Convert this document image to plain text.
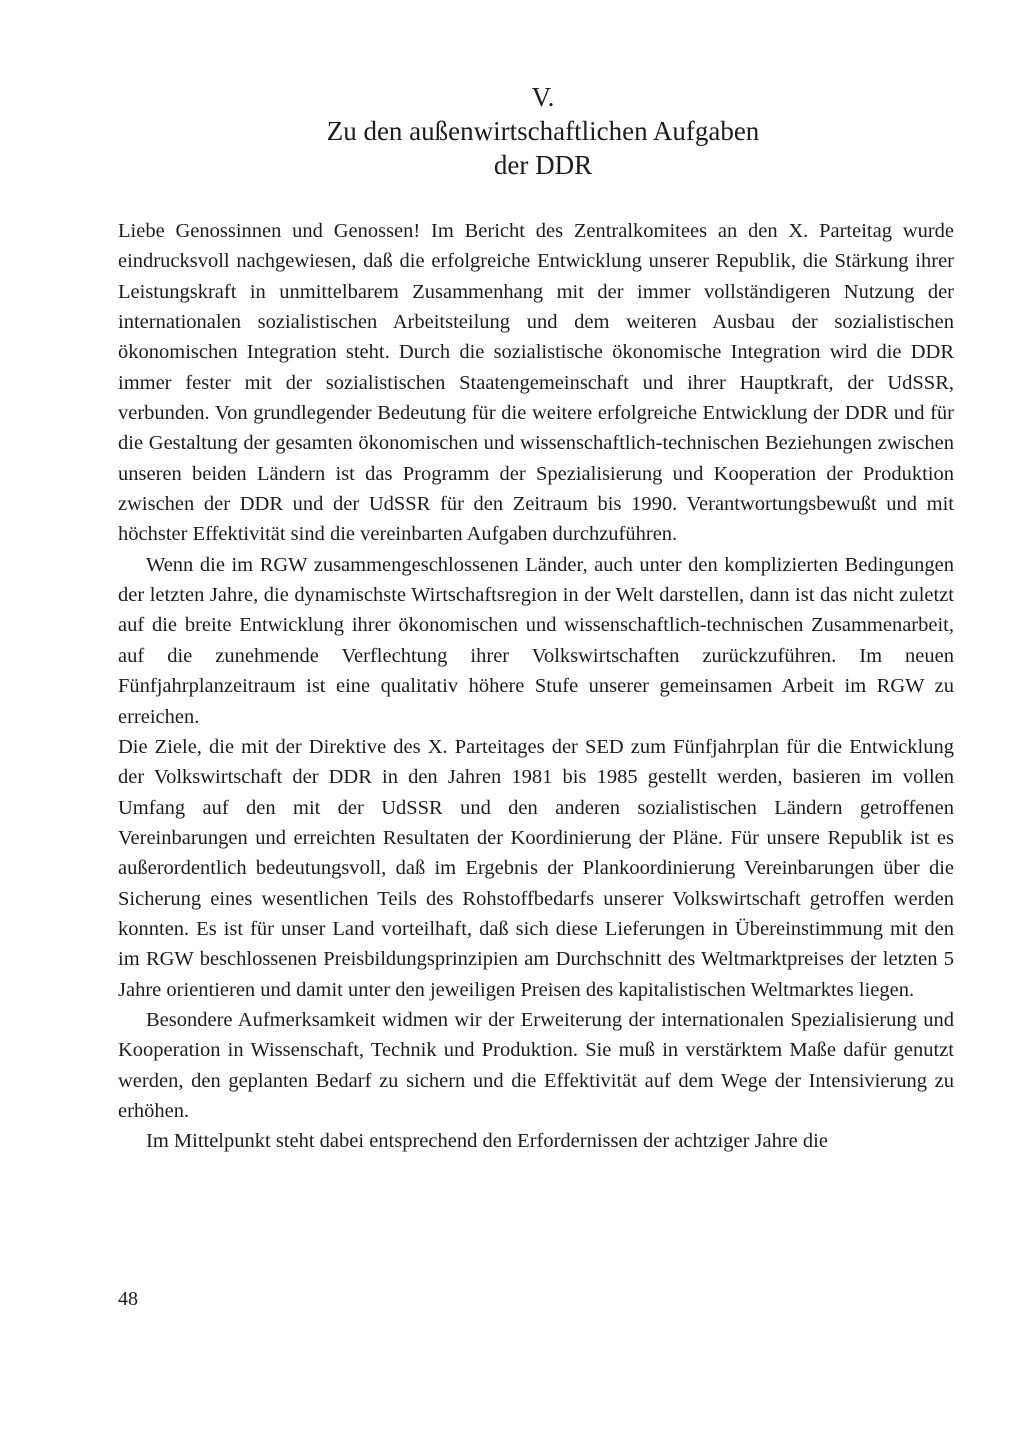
V.
Zu den außenwirtschaftlichen Aufgaben
der DDR

Liebe Genossinnen und Genossen! Im Bericht des Zentralkomitees an den X. Parteitag wurde eindrucksvoll nachgewiesen, daß die erfolgreiche Entwicklung unserer Republik, die Stärkung ihrer Leistungskraft in unmittelbarem Zusammenhang mit der immer vollständigeren Nutzung der internationalen sozialistischen Arbeitsteilung und dem weiteren Ausbau der sozialistischen ökonomischen Integration steht. Durch die sozialistische ökonomische Integration wird die DDR immer fester mit der sozialistischen Staatengemeinschaft und ihrer Hauptkraft, der UdSSR, verbunden. Von grundlegender Bedeutung für die weitere erfolgreiche Entwicklung der DDR und für die Gestaltung der gesamten ökonomischen und wissenschaftlich-technischen Beziehungen zwischen unseren beiden Ländern ist das Programm der Spezialisierung und Kooperation der Produktion zwischen der DDR und der UdSSR für den Zeitraum bis 1990. Verantwortungsbewußt und mit höchster Effektivität sind die vereinbarten Aufgaben durchzuführen.

Wenn die im RGW zusammengeschlossenen Länder, auch unter den komplizierten Bedingungen der letzten Jahre, die dynamischste Wirtschaftsregion in der Welt darstellen, dann ist das nicht zuletzt auf die breite Entwicklung ihrer ökonomischen und wissenschaftlich-technischen Zusammenarbeit, auf die zunehmende Verflechtung ihrer Volkswirtschaften zurückzuführen. Im neuen Fünfjahrplanzeitraum ist eine qualitativ höhere Stufe unserer gemeinsamen Arbeit im RGW zu erreichen.

Die Ziele, die mit der Direktive des X. Parteitages der SED zum Fünfjahrplan für die Entwicklung der Volkswirtschaft der DDR in den Jahren 1981 bis 1985 gestellt werden, basieren im vollen Umfang auf den mit der UdSSR und den anderen sozialistischen Ländern getroffenen Vereinbarungen und erreichten Resultaten der Koordinierung der Pläne. Für unsere Republik ist es außerordentlich bedeutungsvoll, daß im Ergebnis der Plankoordinierung Vereinbarungen über die Sicherung eines wesentlichen Teils des Rohstoffbedarfs unserer Volkswirtschaft getroffen werden konnten. Es ist für unser Land vorteilhaft, daß sich diese Lieferungen in Übereinstimmung mit den im RGW beschlossenen Preisbildungsprinzipien am Durchschnitt des Weltmarktpreises der letzten 5 Jahre orientieren und damit unter den jeweiligen Preisen des kapitalistischen Weltmarktes liegen.

Besondere Aufmerksamkeit widmen wir der Erweiterung der internationalen Spezialisierung und Kooperation in Wissenschaft, Technik und Produktion. Sie muß in verstärktem Maße dafür genutzt werden, den geplanten Bedarf zu sichern und die Effektivität auf dem Wege der Intensivierung zu erhöhen.

Im Mittelpunkt steht dabei entsprechend den Erfordernissen der achtziger Jahre die

48
